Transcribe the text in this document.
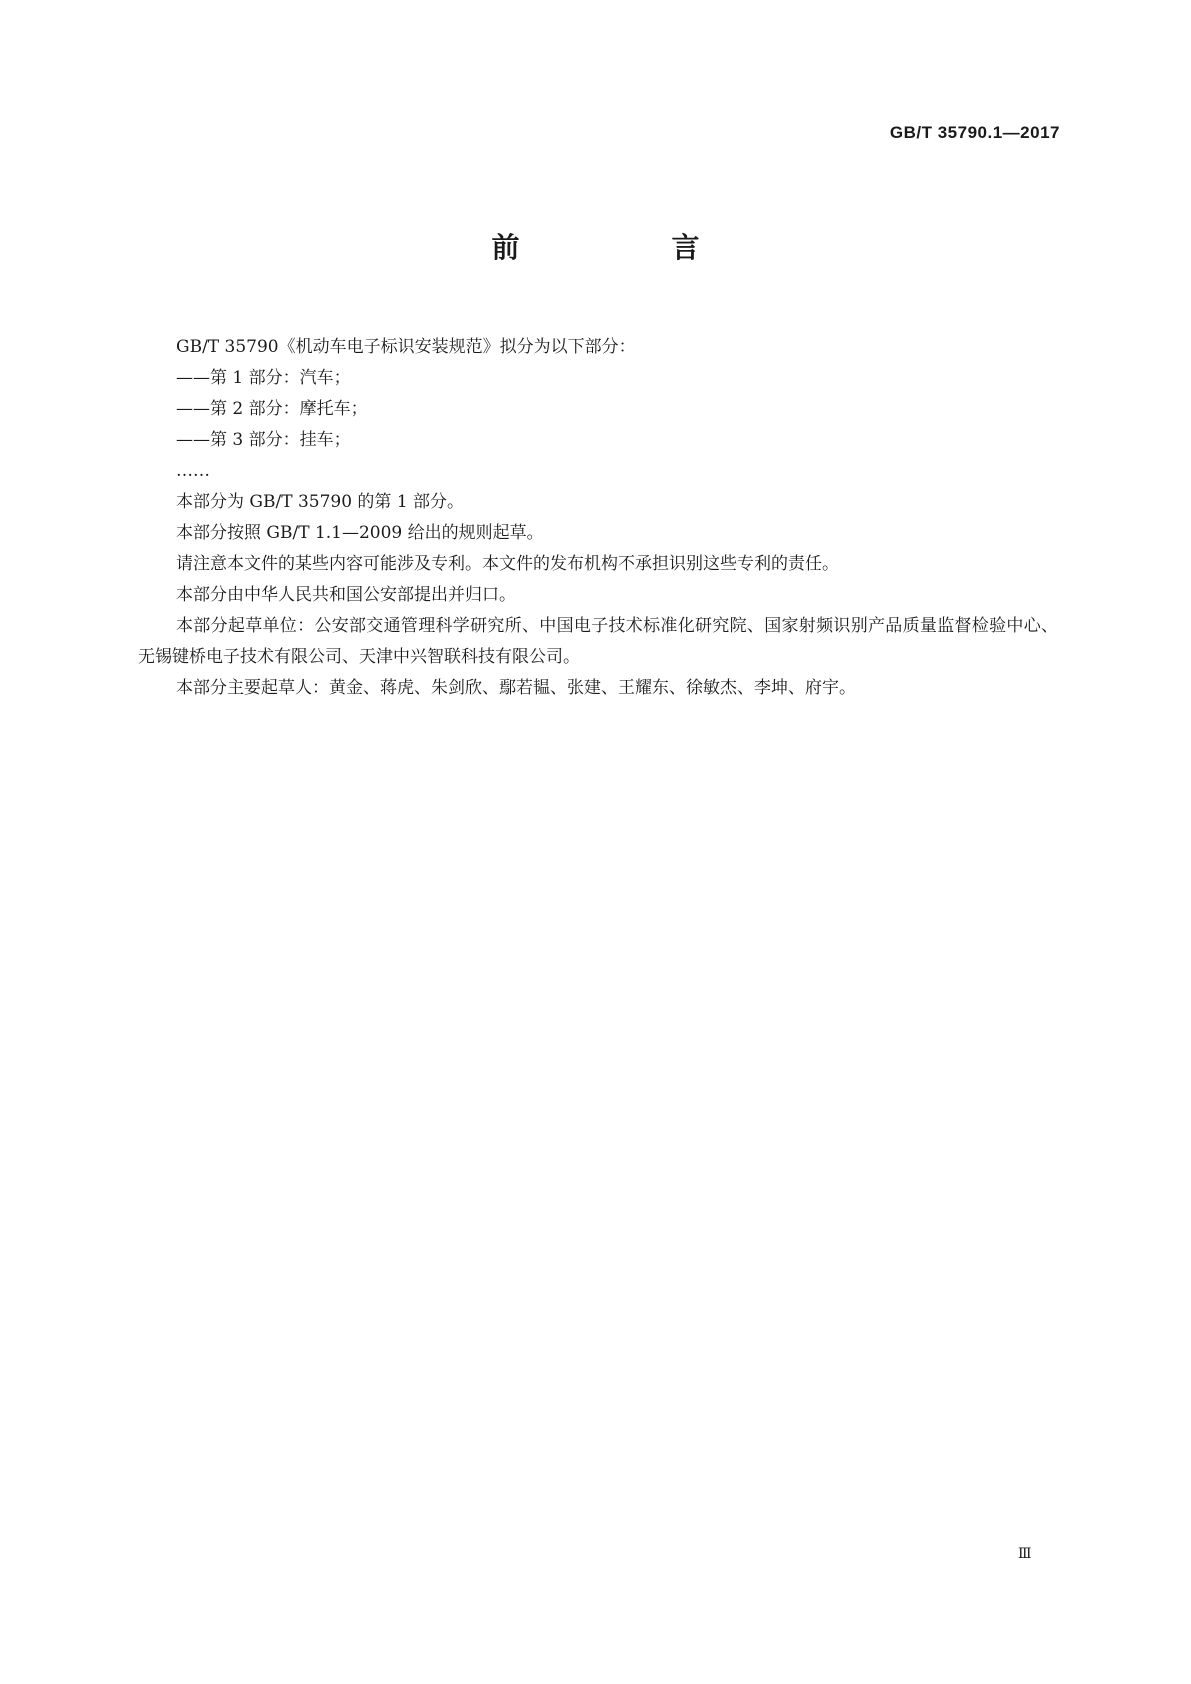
GB/T 35790.1—2017
前　言

GB/T 35790《机动车电子标识安装规范》拟分为以下部分：

——第 1 部分：汽车；

——第 2 部分：摩托车；

——第 3 部分：挂车；

……

本部分为 GB/T 35790 的第 1 部分。

本部分按照 GB/T 1.1—2009 给出的规则起草。

请注意本文件的某些内容可能涉及专利。本文件的发布机构不承担识别这些专利的责任。

本部分由中华人民共和国公安部提出并归口。

本部分起草单位：公安部交通管理科学研究所、中国电子技术标准化研究院、国家射频识别产品质量监督检验中心、无锡键桥电子技术有限公司、天津中兴智联科技有限公司。

本部分主要起草人：黄金、蒋虎、朱剑欣、鄢若韫、张建、王耀东、徐敏杰、李坤、府宇。

Ⅲ
